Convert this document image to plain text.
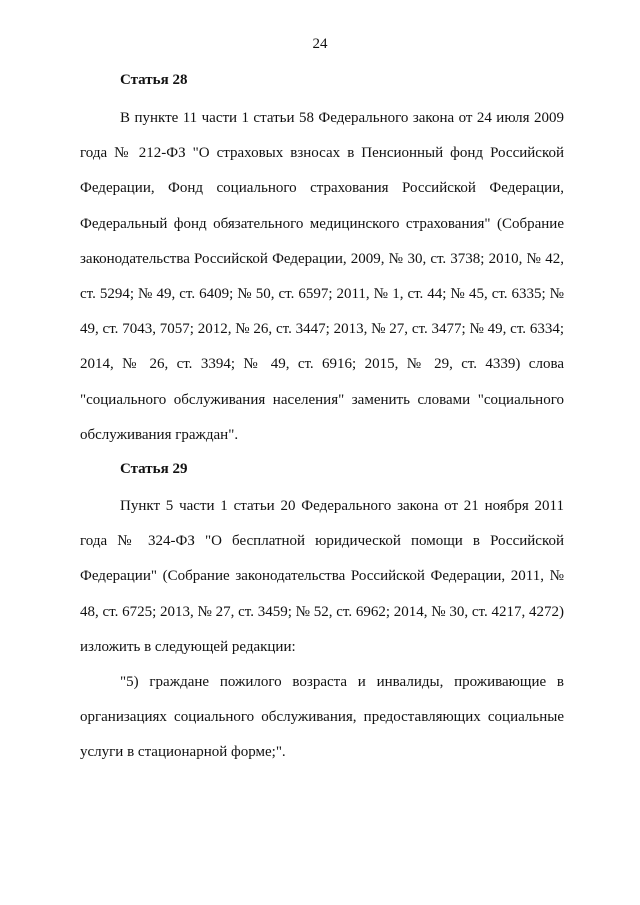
24
Статья 28

В пункте 11 части 1 статьи 58 Федерального закона от 24 июля 2009 года № 212-ФЗ "О страховых взносах в Пенсионный фонд Российской Федерации, Фонд социального страхования Российской Федерации, Федеральный фонд обязательного медицинского страхования" (Собрание законодательства Российской Федерации, 2009, № 30, ст. 3738; 2010, № 42, ст. 5294; № 49, ст. 6409; № 50, ст. 6597; 2011, № 1, ст. 44; № 45, ст. 6335; № 49, ст. 7043, 7057; 2012, № 26, ст. 3447; 2013, № 27, ст. 3477; № 49, ст. 6334; 2014, № 26, ст. 3394; № 49, ст. 6916; 2015, № 29, ст. 4339) слова "социального обслуживания населения" заменить словами "социального обслуживания граждан".

Статья 29

Пункт 5 части 1 статьи 20 Федерального закона от 21 ноября 2011 года № 324-ФЗ "О бесплатной юридической помощи в Российской Федерации" (Собрание законодательства Российской Федерации, 2011, № 48, ст. 6725; 2013, № 27, ст. 3459; № 52, ст. 6962; 2014, № 30, ст. 4217, 4272) изложить в следующей редакции:

"5) граждане пожилого возраста и инвалиды, проживающие в организациях социального обслуживания, предоставляющих социальные услуги в стационарной форме;".
